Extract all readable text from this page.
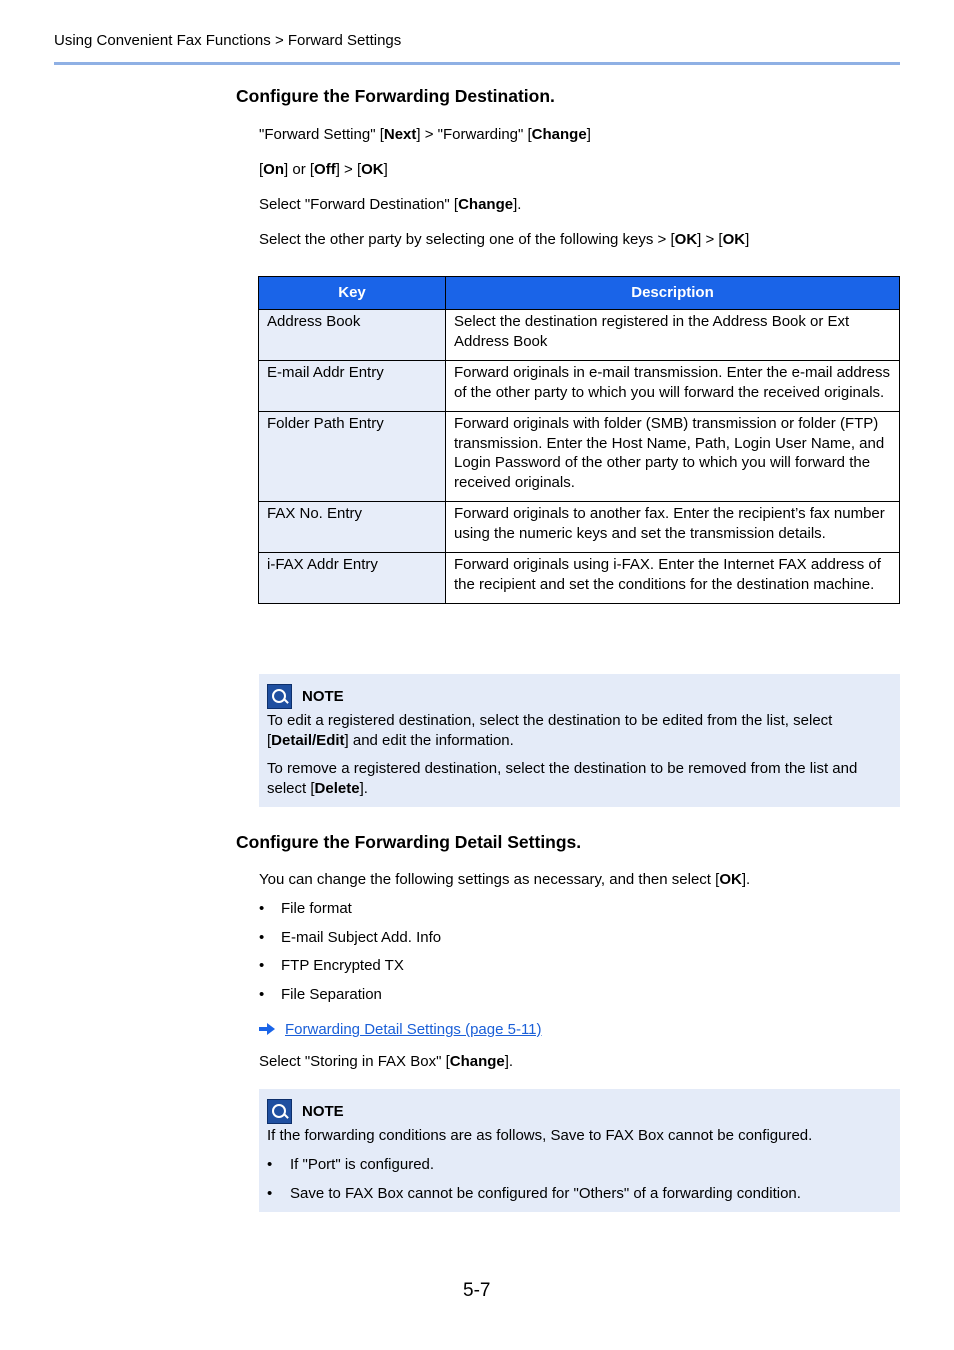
Using Convenient Fax Functions > Forward Settings
Configure the Forwarding Destination.
"Forward Setting" [Next] > "Forwarding" [Change]
[On] or [Off] > [OK]
Select "Forward Destination" [Change].
Select the other party by selecting one of the following keys > [OK] > [OK]
Key	Description
Address Book	Select the destination registered in the Address Book or Ext Address Book
E-mail Addr Entry	Forward originals in e-mail transmission. Enter the e-mail address of the other party to which you will forward the received originals.
Folder Path Entry	Forward originals with folder (SMB) transmission or folder (FTP) transmission. Enter the Host Name, Path, Login User Name, and Login Password of the other party to which you will forward the received originals.
FAX No. Entry	Forward originals to another fax. Enter the recipient’s fax number using the numeric keys and set the transmission details.
i-FAX Addr Entry	Forward originals using i-FAX. Enter the Internet FAX address of the recipient and set the conditions for the destination machine.
NOTE

To edit a registered destination, select the destination to be edited from the list, select [Detail/Edit] and edit the information.

To remove a registered destination, select the destination to be removed from the list and select [Delete].

Configure the Forwarding Detail Settings.
You can change the following settings as necessary, and then select [OK].
• File format
• E-mail Subject Add. Info
• FTP Encrypted TX
• File Separation
Forwarding Detail Settings (page 5-11)
Select "Storing in FAX Box" [Change].
NOTE

If the forwarding conditions are as follows, Save to FAX Box cannot be configured.

• If "Port" is configured.

• Save to FAX Box cannot be configured for "Others" of a forwarding condition.

5-7
